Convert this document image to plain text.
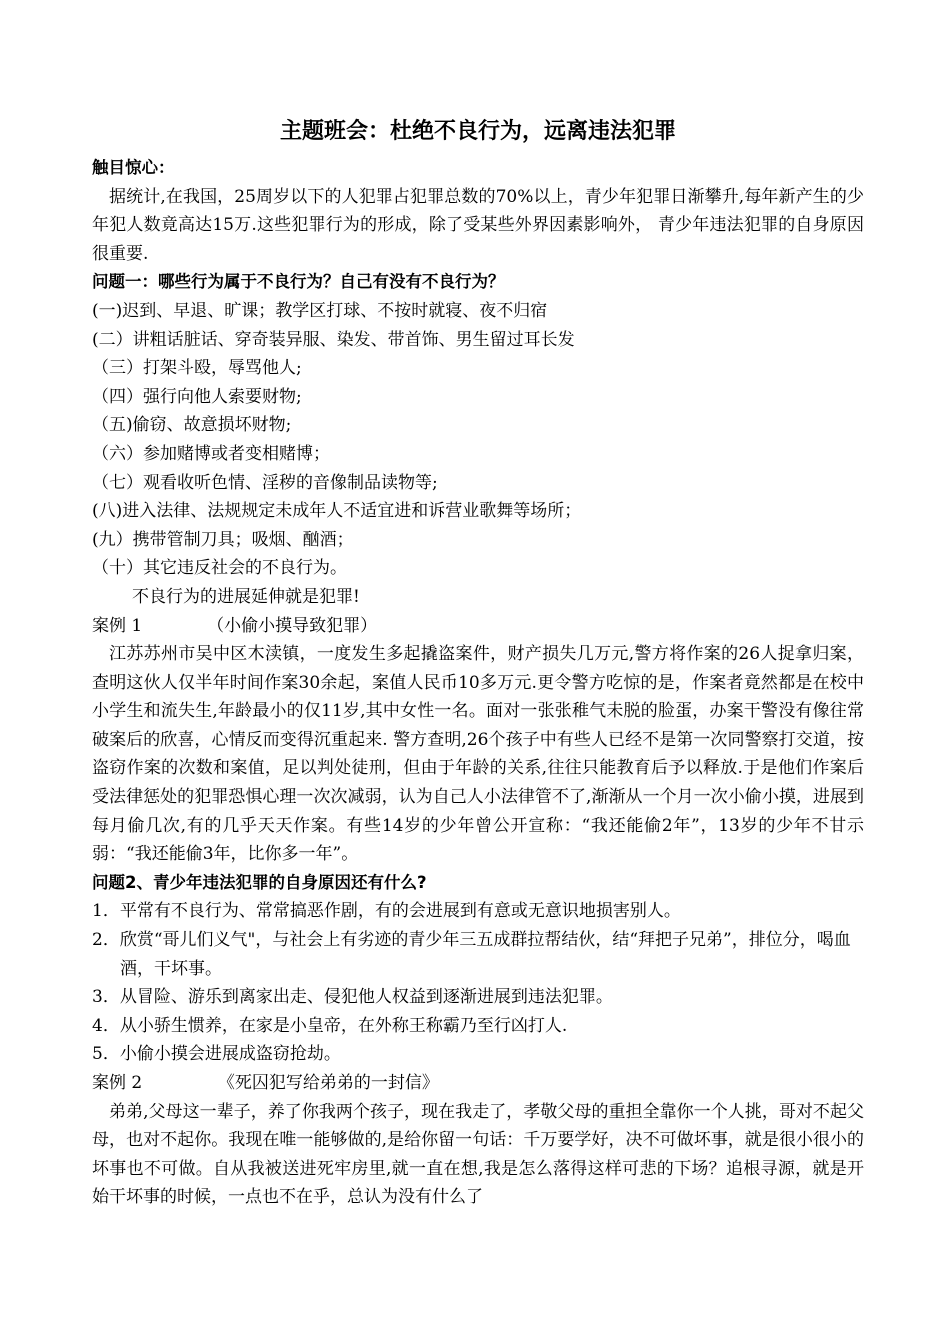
主题班会：杜绝不良行为，远离违法犯罪
触目惊心：

据统计,在我国，25周岁以下的人犯罪占犯罪总数的70%以上，青少年犯罪日渐攀升,每年新产生的少年犯人数竟高达15万.这些犯罪行为的形成，除了受某些外界因素影响外， 青少年违法犯罪的自身原因很重要.

问题一：哪些行为属于不良行为？自己有没有不良行为？

(一)迟到、早退、旷课；教学区打球、不按时就寝、夜不归宿

(二）讲粗话脏话、穿奇装异服、染发、带首饰、男生留过耳长发

（三）打架斗殴，辱骂他人;

（四）强行向他人索要财物;

（五)偷窃、故意损坏财物;

（六）参加赌博或者变相赌博；

（七）观看收听色情、淫秽的音像制品读物等;

(八)进入法律、法规规定未成年人不适宜进和诉营业歌舞等场所；

(九）携带管制刀具；吸烟、酗酒；

（十）其它违反社会的不良行为。

不良行为的进展延伸就是犯罪!

案例 1	（小偷小摸导致犯罪）

江苏苏州市吴中区木渎镇，一度发生多起撬盗案件，财产损失几万元,警方将作案的26人捉拿归案，查明这伙人仅半年时间作案30余起，案值人民币10多万元.更令警方吃惊的是，作案者竟然都是在校中小学生和流失生,年龄最小的仅11岁,其中女性一名。面对一张张稚气未脱的脸蛋，办案干警没有像往常破案后的欣喜，心情反而变得沉重起来. 警方查明,26个孩子中有些人已经不是第一次同警察打交道，按盗窃作案的次数和案值，足以判处徒刑，但由于年龄的关系,往往只能教育后予以释放.于是他们作案后受法律惩处的犯罪恐惧心理一次次减弱，认为自己人小法律管不了,渐渐从一个月一次小偷小摸，进展到每月偷几次,有的几乎天天作案。有些14岁的少年曾公开宣称：“我还能偷2年”，13岁的少年不甘示弱：“我还能偷3年，比你多一年”。

问题2、青少年违法犯罪的自身原因还有什么?

1．平常有不良行为、常常搞恶作剧，有的会进展到有意或无意识地损害别人。

2．欣赏“哥儿们义气"，与社会上有劣迹的青少年三五成群拉帮结伙，结“拜把子兄弟”，排位分，喝血酒，干坏事。

3．从冒险、游乐到离家出走、侵犯他人权益到逐渐进展到违法犯罪。

4．从小骄生惯养，在家是小皇帝，在外称王称霸乃至行凶打人.

5．小偷小摸会进展成盗窃抢劫。

案例 2	《死囚犯写给弟弟的一封信》

弟弟,父母这一辈子，养了你我两个孩子，现在我走了，孝敬父母的重担全靠你一个人挑，哥对不起父母，也对不起你。我现在唯一能够做的,是给你留一句话：千万要学好，决不可做坏事，就是很小很小的坏事也不可做。自从我被送进死牢房里,就一直在想,我是怎么落得这样可悲的下场？追根寻源，就是开始干坏事的时候，一点也不在乎，总认为没有什么了
